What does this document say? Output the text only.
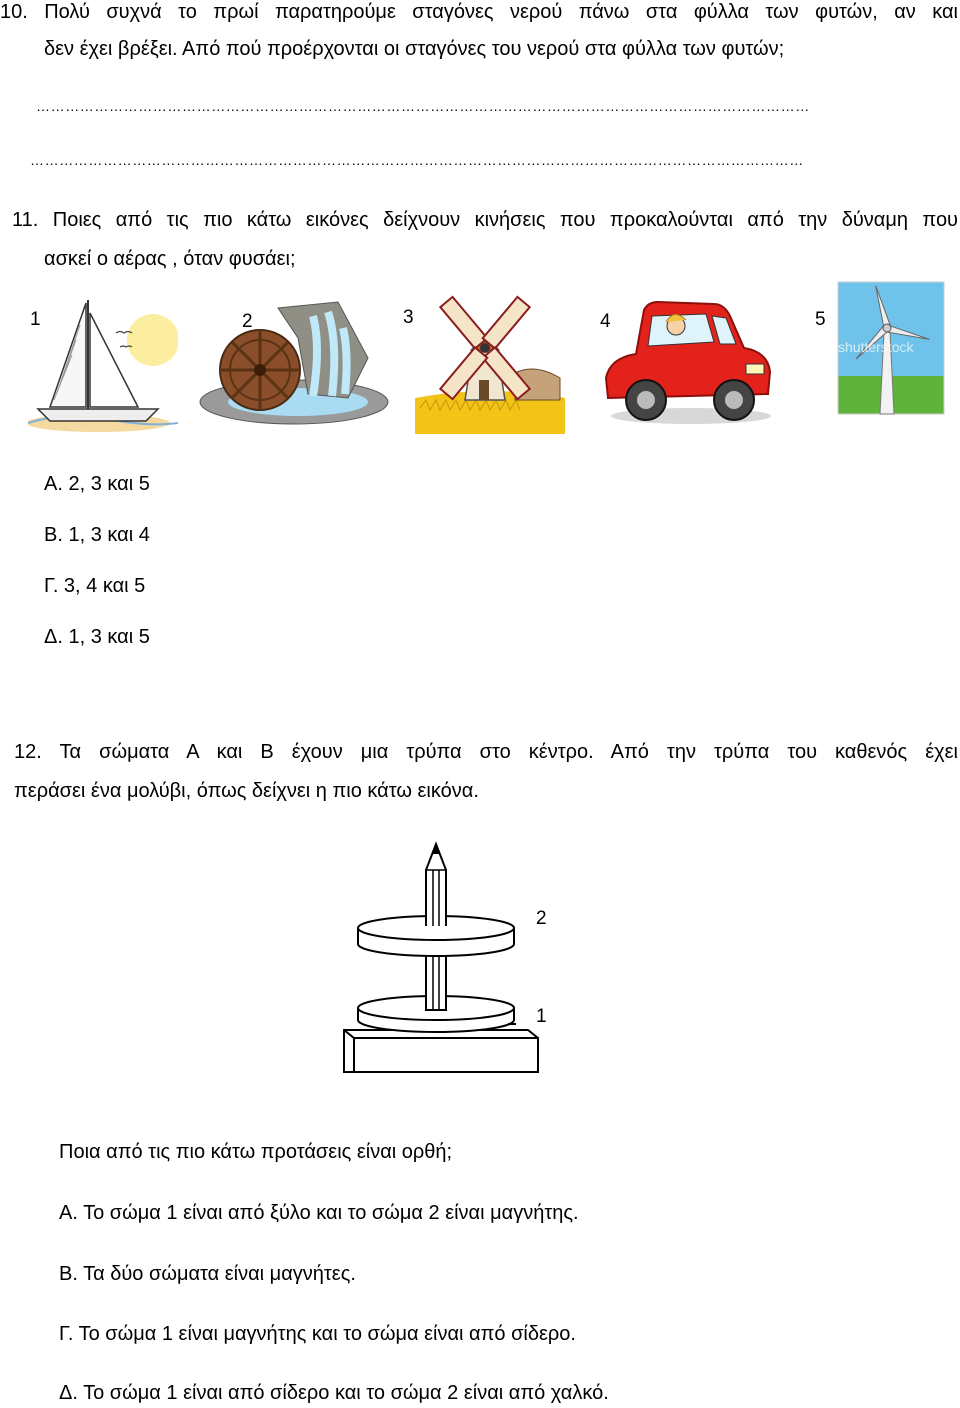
10. Πολύ συχνά το πρωί παρατηρούμε σταγόνες νερού πάνω στα φύλλα των φυτών, αν και
δεν έχει βρέξει. Από πού προέρχονται οι σταγόνες του νερού στα φύλλα των φυτών;
……………………………………………………………………………………………………………………………………………
……………………………………………………………………………………………………………………………………………
11. Ποιες από τις πιο κάτω εικόνες δείχνουν κινήσεις που προκαλούνται από την δύναμη που
ασκεί ο αέρας , όταν φυσάει;
1	2	3	4	5
shutterstock
Α. 2, 3 και 5
Β. 1, 3 και 4
Γ. 3, 4 και 5
Δ. 1, 3 και 5
12. Τα σώματα Α και Β έχουν μια τρύπα στο κέντρο. Από την τρύπα του καθενός έχει
περάσει ένα μολύβι, όπως δείχνει η πιο κάτω εικόνα.
2
1
Ποια από τις πιο κάτω προτάσεις είναι ορθή;
Α. Το σώμα 1 είναι από ξύλο και το σώμα 2 είναι μαγνήτης.
Β. Τα δύο σώματα είναι μαγνήτες.
Γ. Το σώμα 1 είναι μαγνήτης και το σώμα είναι από σίδερο.
Δ. Το σώμα 1 είναι από σίδερο και το σώμα 2 είναι από χαλκό.
